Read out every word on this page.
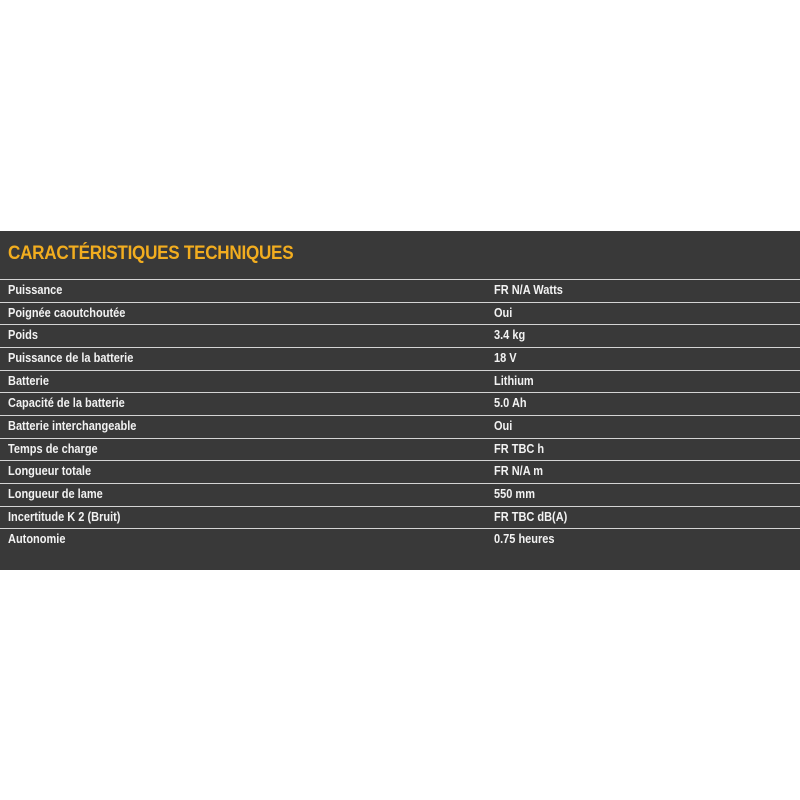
CARACTÉRISTIQUES TECHNIQUES
Puissance	FR N/A Watts
Poignée caoutchoutée	Oui
Poids	3.4 kg
Puissance de la batterie	18 V
Batterie	Lithium
Capacité de la batterie	5.0 Ah
Batterie interchangeable	Oui
Temps de charge	FR TBC h
Longueur totale	FR N/A m
Longueur de lame	550 mm
Incertitude K 2 (Bruit)	FR TBC dB(A)
Autonomie	0.75 heures
